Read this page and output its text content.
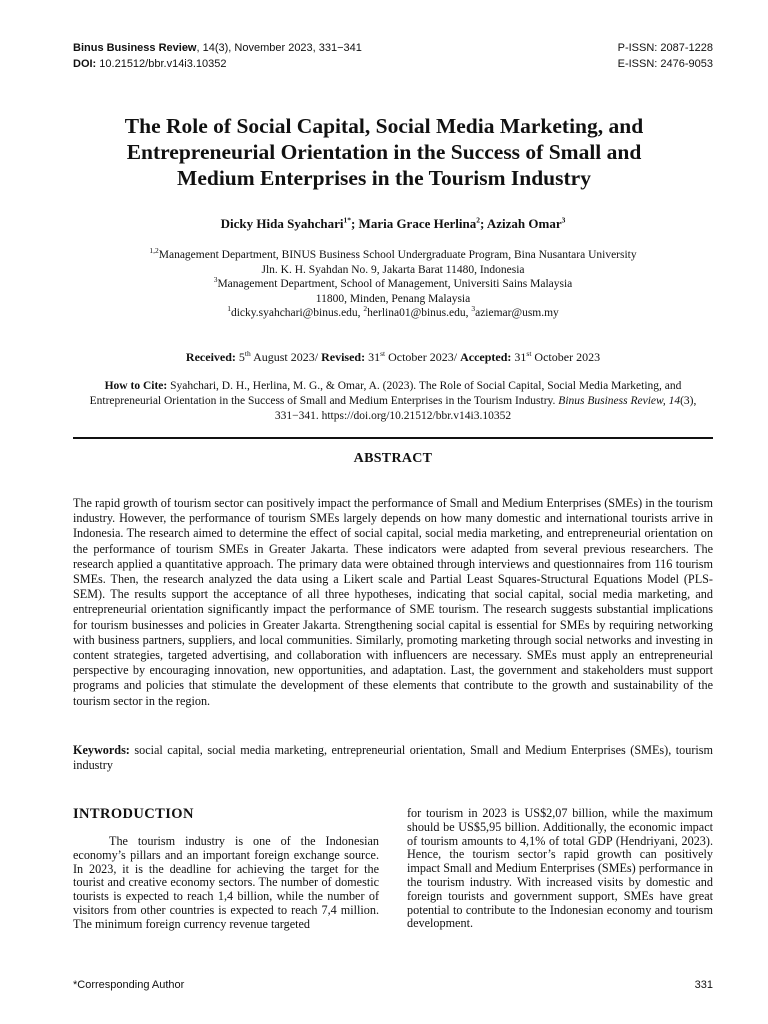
Binus Business Review, 14(3), November 2023, 331−341
DOI: 10.21512/bbr.v14i3.10352
P-ISSN: 2087-1228
E-ISSN: 2476-9053
The Role of Social Capital, Social Media Marketing, and
Entrepreneurial Orientation in the Success of Small and
Medium Enterprises in the Tourism Industry
Dicky Hida Syahchari$^{1*}$; Maria Grace Herlina$^2$; Azizah Omar$^3$
$^{1,2}$Management Department, BINUS Business School Undergraduate Program, Bina Nusantara University
Jln. K. H. Syahdan No. 9, Jakarta Barat 11480, Indonesia
$^3$Management Department, School of Management, Universiti Sains Malaysia
11800, Minden, Penang Malaysia
$^1$dicky.syahchari@binus.edu, $^2$herlina01@binus.edu, $^3$aziemar@usm.my
Received: 5th August 2023/ Revised: 31st October 2023/ Accepted: 31st October 2023
How to Cite: Syahchari, D. H., Herlina, M. G., & Omar, A. (2023). The Role of Social Capital, Social Media Marketing, and Entrepreneurial Orientation in the Success of Small and Medium Enterprises in the Tourism Industry. Binus Business Review, 14(3), 331−341. https://doi.org/10.21512/bbr.v14i3.10352
ABSTRACT
The rapid growth of tourism sector can positively impact the performance of Small and Medium Enterprises (SMEs) in the tourism industry. However, the performance of tourism SMEs largely depends on how many domestic and international tourists arrive in Indonesia. The research aimed to determine the effect of social capital, social media marketing, and entrepreneurial orientation on the performance of tourism SMEs in Greater Jakarta. These indicators were adapted from several previous researchers. The research applied a quantitative approach. The primary data were obtained through interviews and questionnaires from 116 tourism SMEs. Then, the research analyzed the data using a Likert scale and Partial Least Squares-Structural Equations Model (PLS-SEM). The results support the acceptance of all three hypotheses, indicating that social capital, social media marketing, and entrepreneurial orientation significantly impact the performance of SME tourism. The research suggests substantial implications for tourism businesses and policies in Greater Jakarta. Strengthening social capital is essential for SMEs by requiring networking with business partners, suppliers, and local communities. Similarly, promoting marketing through social networks and investing in content strategies, targeted advertising, and collaboration with influencers are necessary. SMEs must apply an entrepreneurial perspective by encouraging innovation, new opportunities, and adaptation. Last, the government and stakeholders must support programs and policies that stimulate the development of these elements that contribute to the growth and sustainability of the tourism sector in the region.
Keywords: social capital, social media marketing, entrepreneurial orientation, Small and Medium Enterprises (SMEs), tourism industry
INTRODUCTION
The tourism industry is one of the Indonesian economy’s pillars and an important foreign exchange source. In 2023, it is the deadline for achieving the target for the tourist and creative economy sectors. The number of domestic tourists is expected to reach 1,4 billion, while the number of visitors from other countries is expected to reach 7,4 million. The minimum foreign currency revenue targeted
for tourism in 2023 is US$2,07 billion, while the maximum should be US$5,95 billion. Additionally, the economic impact of tourism amounts to 4,1% of total GDP (Hendriyani, 2023). Hence, the tourism sector’s rapid growth can positively impact Small and Medium Enterprises (SMEs) performance in the tourism industry. With increased visits by domestic and foreign tourists and government support, SMEs have great potential to contribute to the Indonesian economy and tourism development.
*Corresponding Author	331
